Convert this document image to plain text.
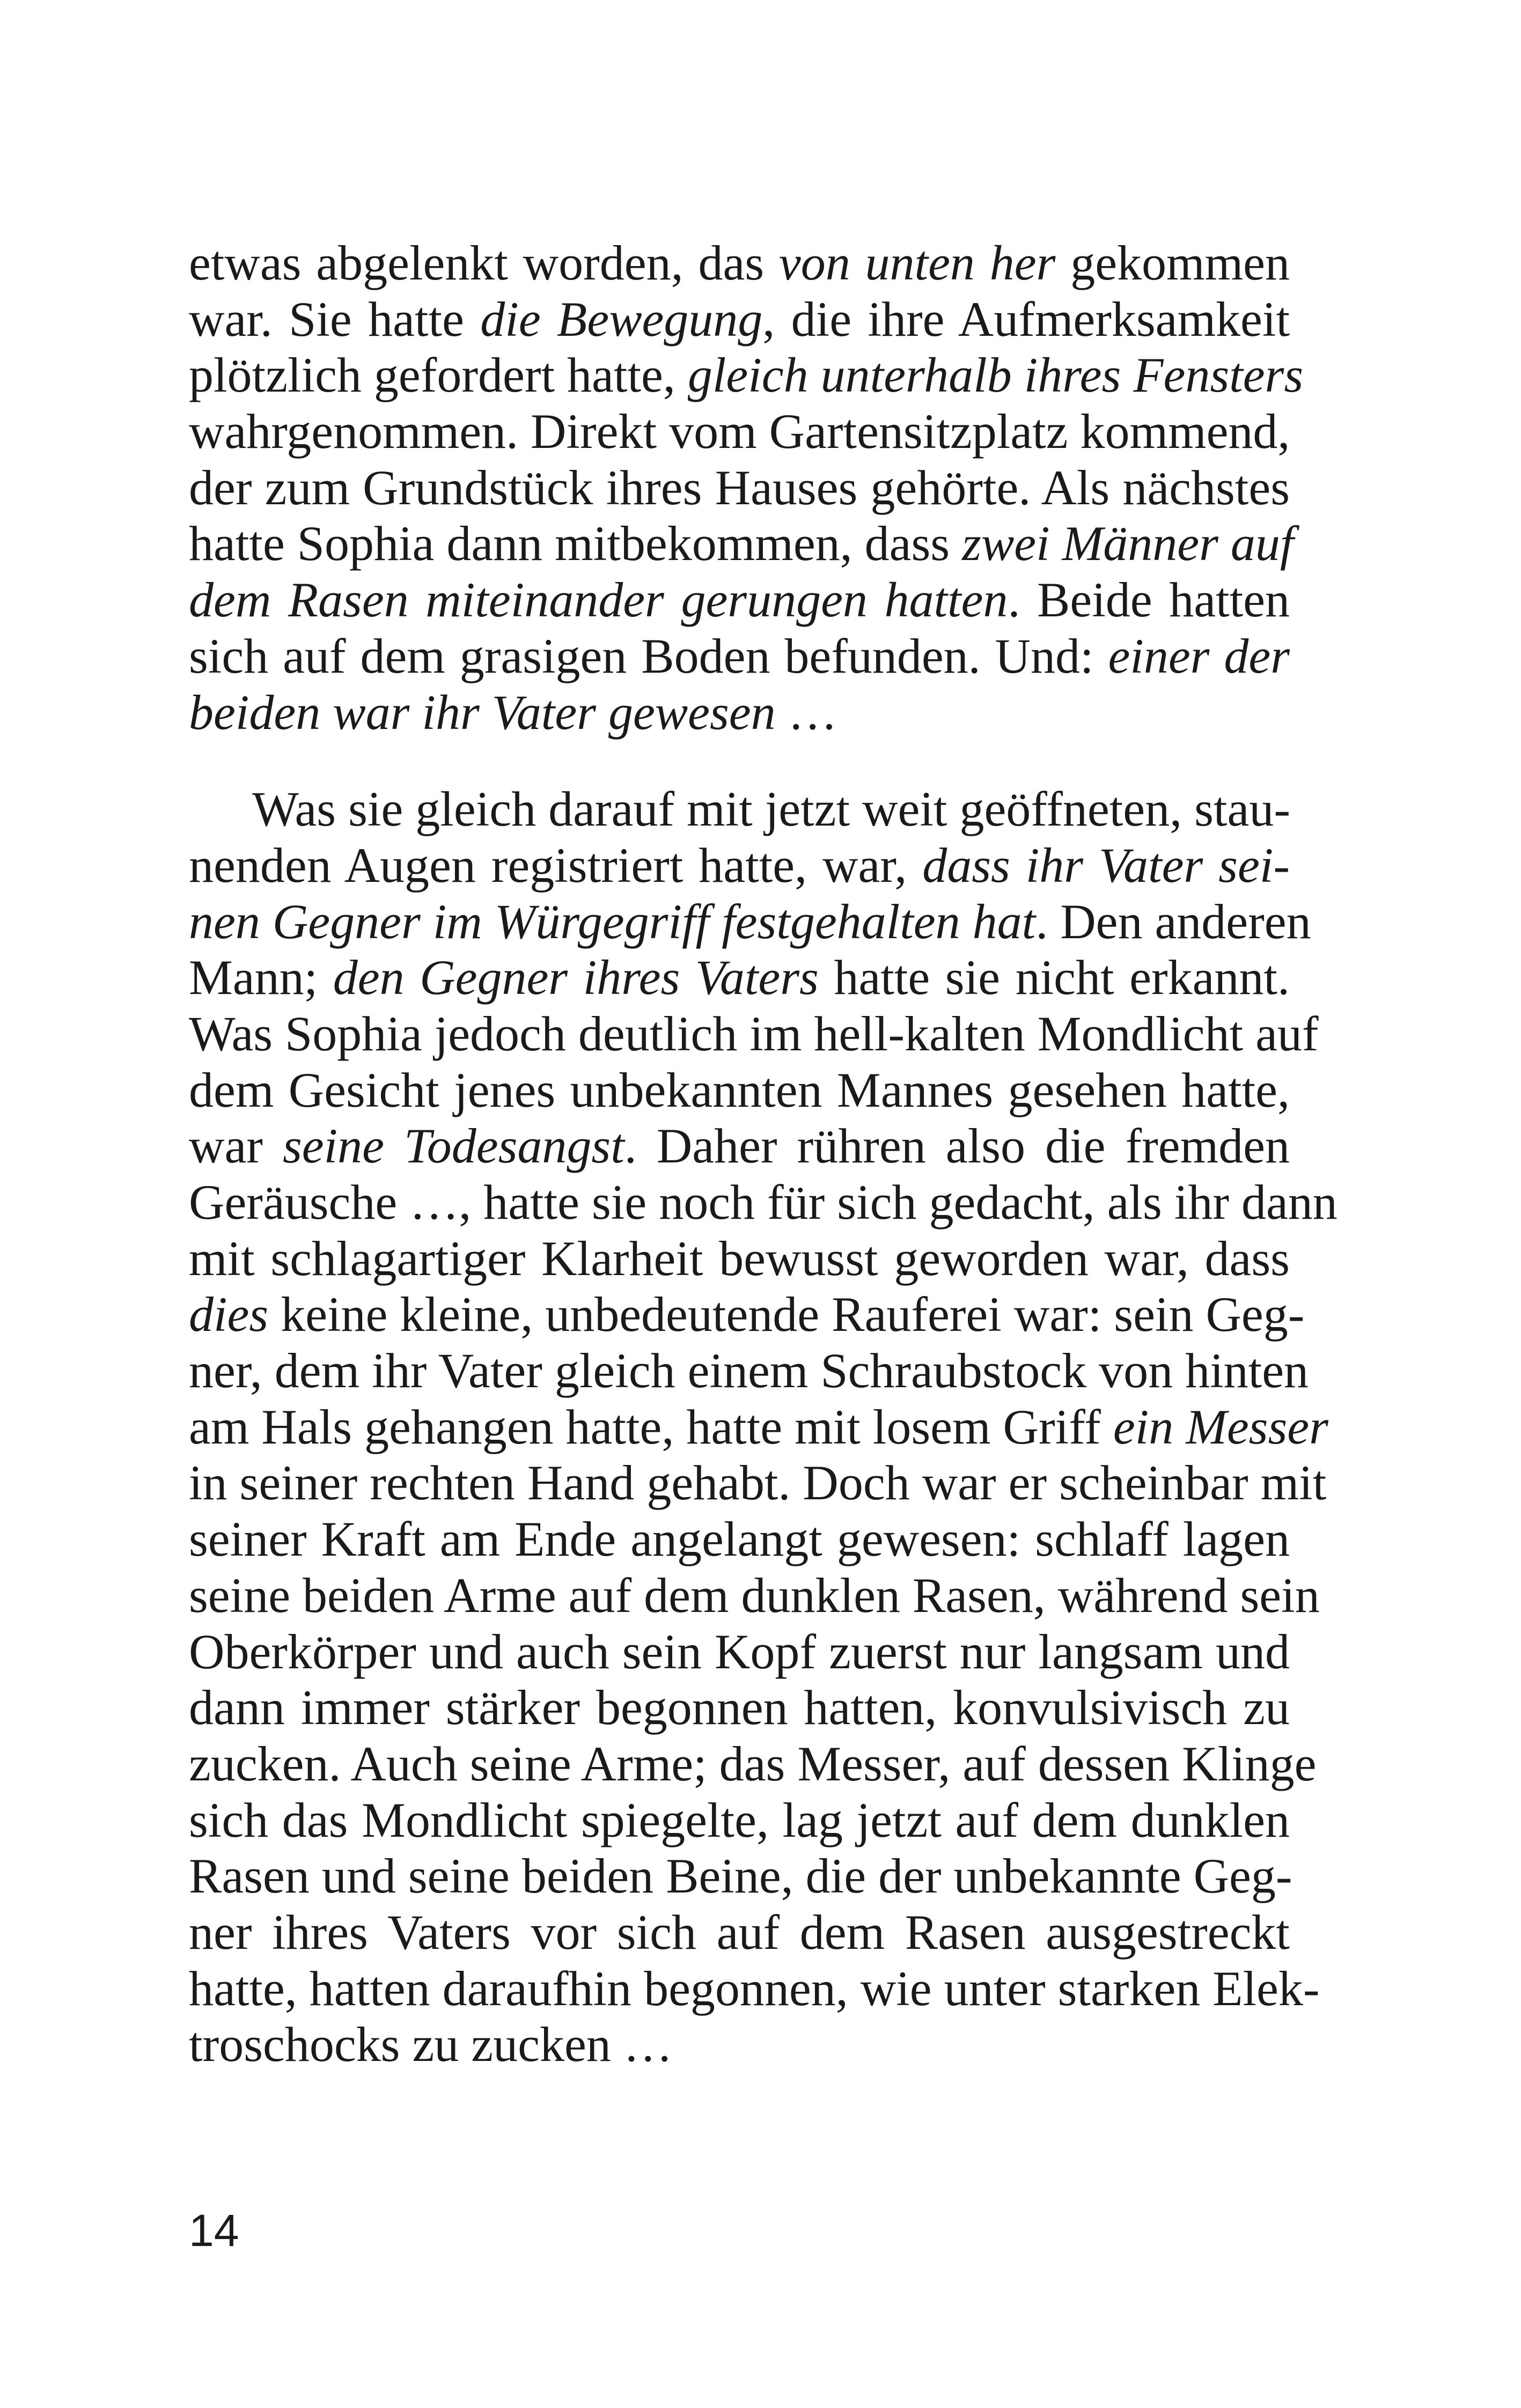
etwas abgelenkt worden, das von unten her gekommen
war. Sie hatte die Bewegung, die ihre Aufmerksamkeit
plötzlich gefordert hatte, gleich unterhalb ihres Fensters
wahrgenommen. Direkt vom Gartensitzplatz kommend,
der zum Grundstück ihres Hauses gehörte. Als nächstes
hatte Sophia dann mitbekommen, dass zwei Männer auf
dem Rasen miteinander gerungen hatten. Beide hatten
sich auf dem grasigen Boden befunden. Und: einer der
beiden war ihr Vater gewesen …
Was sie gleich darauf mit jetzt weit geöffneten, stau-
nenden Augen registriert hatte, war, dass ihr Vater sei-
nen Gegner im Würgegriff festgehalten hat. Den anderen
Mann; den Gegner ihres Vaters hatte sie nicht erkannt.
Was Sophia jedoch deutlich im hell-kalten Mondlicht auf
dem Gesicht jenes unbekannten Mannes gesehen hatte,
war seine Todesangst. Daher rühren also die fremden
Geräusche …, hatte sie noch für sich gedacht, als ihr dann
mit schlagartiger Klarheit bewusst geworden war, dass
dies keine kleine, unbedeutende Rauferei war: sein Geg-
ner, dem ihr Vater gleich einem Schraubstock von hinten
am Hals gehangen hatte, hatte mit losem Griff ein Messer
in seiner rechten Hand gehabt. Doch war er scheinbar mit
seiner Kraft am Ende angelangt gewesen: schlaff lagen
seine beiden Arme auf dem dunklen Rasen, während sein
Oberkörper und auch sein Kopf zuerst nur langsam und
dann immer stärker begonnen hatten, konvulsivisch zu
zucken. Auch seine Arme; das Messer, auf dessen Klinge
sich das Mondlicht spiegelte, lag jetzt auf dem dunklen
Rasen und seine beiden Beine, die der unbekannte Geg-
ner ihres Vaters vor sich auf dem Rasen ausgestreckt
hatte, hatten daraufhin begonnen, wie unter starken Elek-
troschocks zu zucken …
14
